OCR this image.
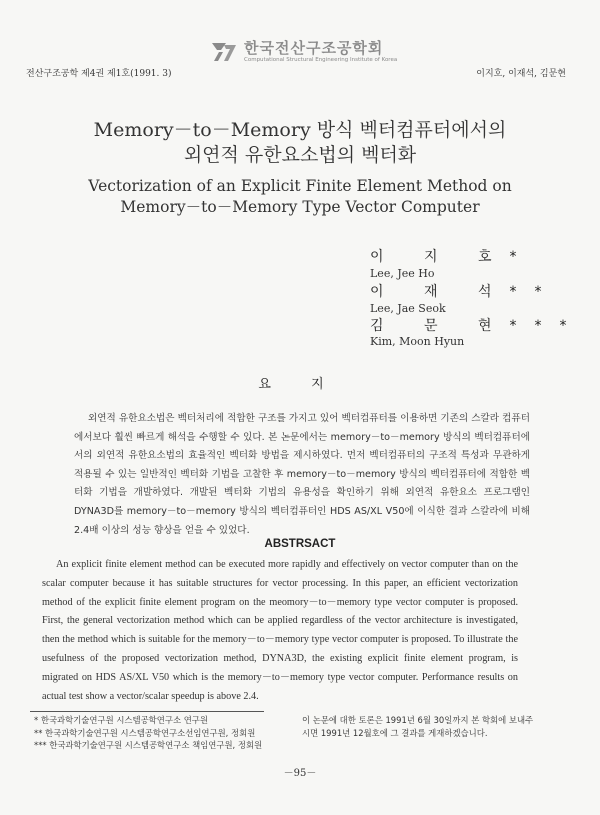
전산구조공학 제4권 제1호(1991. 3)
한국전산구조공학회
Computational Structural Engineering Institute of Korea
이지호, 이재석, 김문현
Memory－to－Memory 방식 벡터컴퓨터에서의
외연적 유한요소법의 벡터화
Vectorization of an Explicit Finite Element Method on
Memory－to－Memory Type Vector Computer
이 지 호*
Lee, Jee Ho
이 재 석**
Lee, Jae Seok
김 문 현***
Kim, Moon Hyun
요 지
외연적 유한요소법은 벡터처리에 적합한 구조를 가지고 있어 벡터컴퓨터를 이용하면 기존의 스칼라 컴퓨터에서보다 훨씬 빠르게 해석을 수행할 수 있다. 본 논문에서는 memory－to－memory 방식의 벡터컴퓨터에서의 외연적 유한요소법의 효율적인 벡터화 방법을 제시하였다. 먼저 벡터컴퓨터의 구조적 특성과 무관하게 적용될 수 있는 일반적인 벡터화 기법을 고찰한 후 memory－to－memory 방식의 벡터컴퓨터에 적합한 벡터화 기법을 개발하였다. 개발된 벡터화 기법의 유용성을 확인하기 위해 외연적 유한요소 프로그램인 DYNA3D를 memory－to－memory 방식의 벡터컴퓨터인 HDS AS/XL V50에 이식한 결과 스칼라에 비해 2.4배 이상의 성능 향상을 얻을 수 있었다.
ABSTRSACT
An explicit finite element method can be executed more rapidly and effectively on vector computer than on the scalar computer because it has suitable structures for vector processing. In this paper, an efficient vectorization method of the explicit finite element program on the meomory－to－memory type vector computer is proposed. First, the general vectorization method which can be applied regardless of the vector architecture is investigated, then the method which is suitable for the memory－to－memory type vector computer is proposed. To illustrate the usefulness of the proposed vectorization method, DYNA3D, the existing explicit finite element program, is migrated on HDS AS/XL V50 which is the memory－to－memory type vector computer. Performance results on actual test show a vector/scalar speedup is above 2.4.
* 한국과학기술연구원 시스템공학연구소 연구원
** 한국과학기술연구원 시스템공학연구소선임연구원, 정회원
*** 한국과학기술연구원 시스템공학연구소 책임연구원, 정회원
이 논문에 대한 토론은 1991년 6월 30일까지 본 학회에 보내주시면 1991년 12월호에 그 결과를 게재하겠습니다.
－95－
